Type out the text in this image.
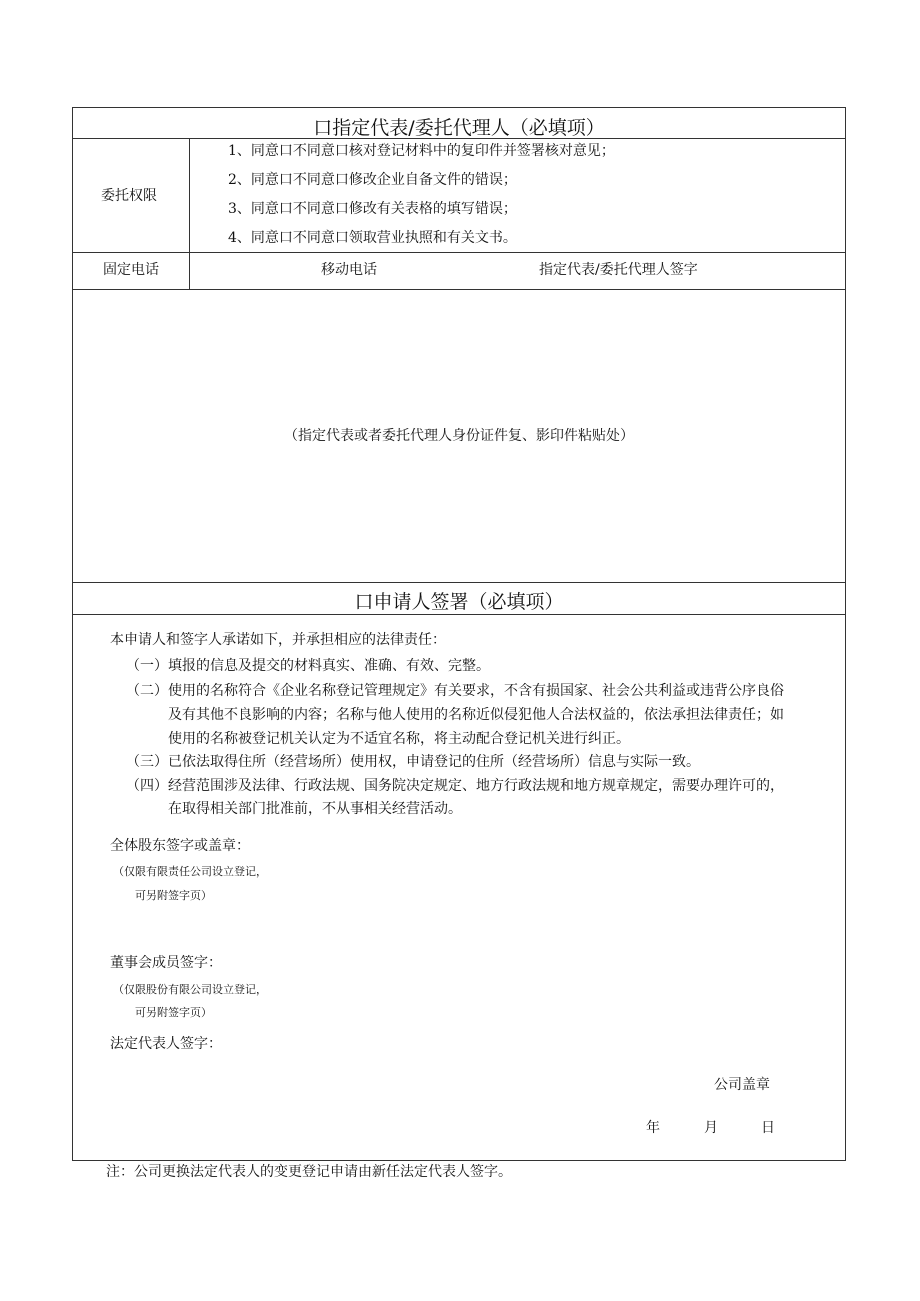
口指定代表/委托代理人（必填项）
委托权限
1、同意口不同意口核对登记材料中的复印件并签署核对意见；
2、同意口不同意口修改企业自备文件的错误；
3、同意口不同意口修改有关表格的填写错误；
4、同意口不同意口领取营业执照和有关文书。
固定电话	移动电话	指定代表/委托代理人签字
（指定代表或者委托代理人身份证件复、影印件粘贴处）
口申请人签署（必填项）
本申请人和签字人承诺如下，并承担相应的法律责任：
（一）填报的信息及提交的材料真实、准确、有效、完整。
（二）使用的名称符合《企业名称登记管理规定》有关要求，不含有损国家、社会公共利益或违背公序良俗
及有其他不良影响的内容；名称与他人使用的名称近似侵犯他人合法权益的，依法承担法律责任；如
使用的名称被登记机关认定为不适宜名称，将主动配合登记机关进行纠正。
（三）已依法取得住所（经营场所）使用权，申请登记的住所（经营场所）信息与实际一致。
（四）经营范围涉及法律、行政法规、国务院决定规定、地方行政法规和地方规章规定，需要办理许可的，
在取得相关部门批准前，不从事相关经营活动。
全体股东签字或盖章：
（仅限有限责任公司设立登记，
可另附签字页）
董事会成员签字：
（仅限股份有限公司设立登记，
可另附签字页）
法定代表人签字：
公司盖章
年	月	日
注：公司更换法定代表人的变更登记申请由新任法定代表人签字。
